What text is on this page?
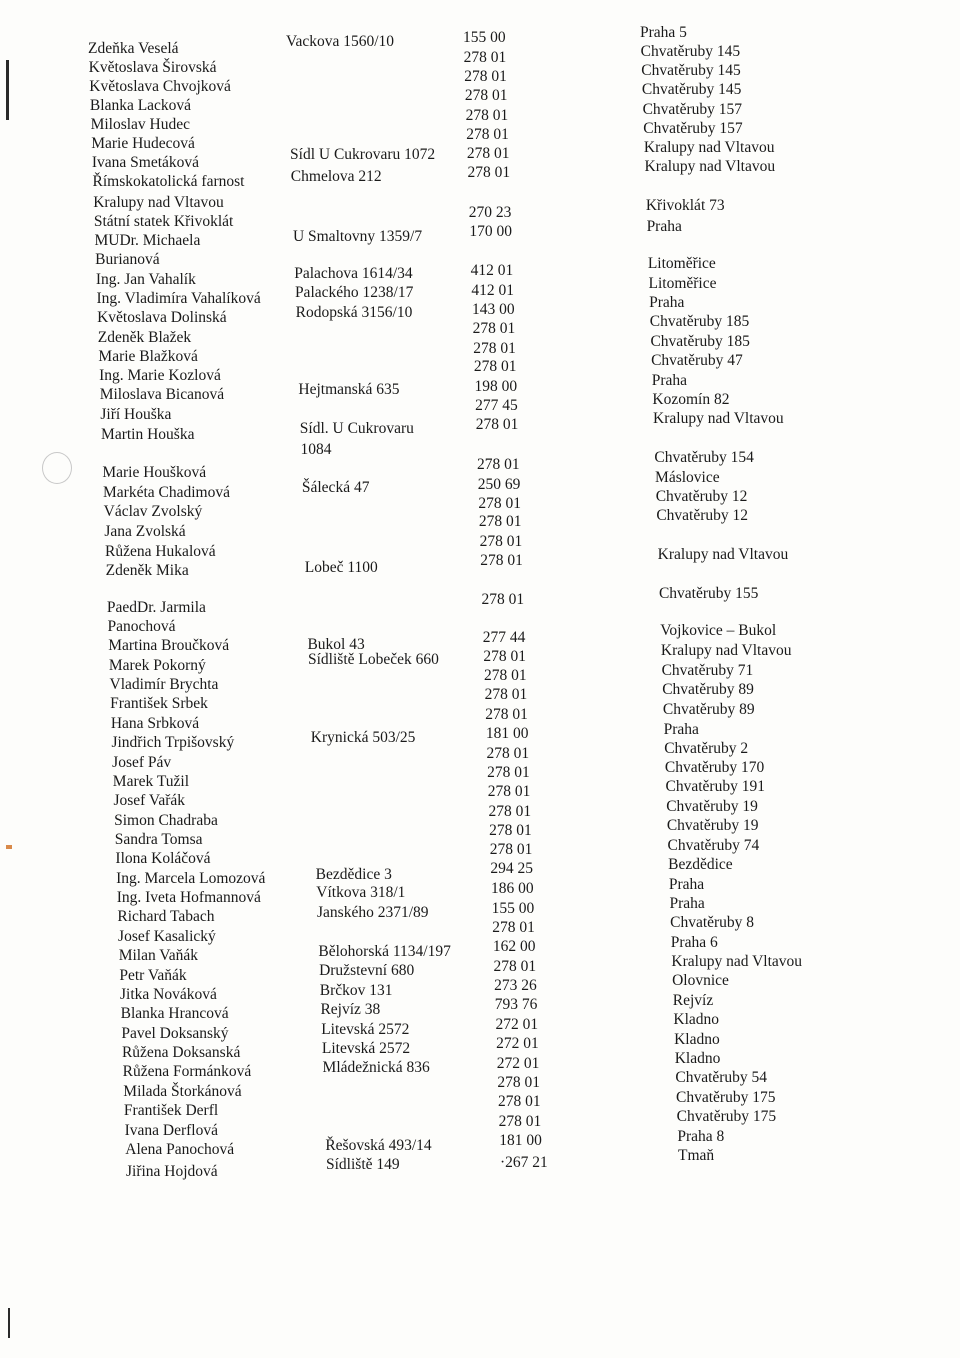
Zdeňka Veselá
Květoslava Širovská
Květoslava Chvojková
Blanka Lacková
Miloslav Hudec
Marie Hudecová
Ivana Smetáková
Římskokatolická farnost
Kralupy nad Vltavou
Státní statek Křivoklát
MUDr. Michaela
Burianová
Ing. Jan Vahalík
Ing. Vladimíra Vahalíková
Květoslava Dolinská
Zdeněk Blažek
Marie Blažková
Ing. Marie Kozlová
Miloslava Bicanová
Jiří Houška
Martin Houška
Marie Houšková
Markéta Chadimová
Václav Zvolský
Jana Zvolská
Růžena Hukalová
Zdeněk Mika
PaedDr. Jarmila
Panochová
Martina Broučková
Marek Pokorný
Vladimír Brychta
František Srbek
Hana Srbková
Jindřich Trpišovský
Josef Páv
Marek Tužil
Josef Vařák
Simon Chadraba
Sandra Tomsa
Ilona Koláčová
Ing. Marcela Lomozová
Ing. Iveta Hofmannová
Richard Tabach
Josef Kasalický
Milan Vaňák
Petr Vaňák
Jitka Nováková
Blanka Hrancová
Pavel Doksanský
Růžena Doksanská
Růžena Formánková
Milada Štorkánová
František Derfl
Ivana Derflová
Alena Panochová
Jiřina Hojdová
Vackova 1560/10
Sídl U Cukrovaru 1072
Chmelova 212
U Smaltovny 1359/7
Palachova 1614/34
Palackého 1238/17
Rodopská 3156/10
Hejtmanská 635
Sídl. U Cukrovaru
1084
Šálecká 47
Lobeč 1100
Bukol 43
Sídliště Lobeček 660
Krynická 503/25
Bezdědice 3
Vítkova 318/1
Janského 2371/89
Bělohorská 1134/197
Družstevní 680
Brčkov 131
Rejvíz 38
Litevská 2572
Litevská 2572
Mládežnická 836
Řešovská 493/14
Sídliště 149
155 00
278 01
278 01
278 01
278 01
278 01
278 01
278 01
270 23
170 00
412 01
412 01
143 00
278 01
278 01
278 01
198 00
277 45
278 01
278 01
250 69
278 01
278 01
278 01
278 01
278 01
277 44
278 01
278 01
278 01
278 01
181 00
278 01
278 01
278 01
278 01
278 01
278 01
294 25
186 00
155 00
278 01
162 00
278 01
273 26
793 76
272 01
272 01
272 01
278 01
278 01
278 01
181 00
·267 21
Praha 5
Chvatěruby 145
Chvatěruby 145
Chvatěruby 145
Chvatěruby 157
Chvatěruby 157
Kralupy nad Vltavou
Kralupy nad Vltavou
Křivoklát 73
Praha
Litoměřice
Litoměřice
Praha
Chvatěruby 185
Chvatěruby 185
Chvatěruby 47
Praha
Kozomín 82
Kralupy nad Vltavou
Chvatěruby 154
Máslovice
Chvatěruby 12
Chvatěruby 12
Kralupy nad Vltavou
Chvatěruby 155
Vojkovice – Bukol
Kralupy nad Vltavou
Chvatěruby 71
Chvatěruby 89
Chvatěruby 89
Praha
Chvatěruby 2
Chvatěruby 170
Chvatěruby 191
Chvatěruby 19
Chvatěruby 19
Chvatěruby 74
Bezdědice
Praha
Praha
Chvatěruby 8
Praha 6
Kralupy nad Vltavou
Olovnice
Rejvíz
Kladno
Kladno
Kladno
Chvatěruby 54
Chvatěruby 175
Chvatěruby 175
Praha 8
Tmaň
